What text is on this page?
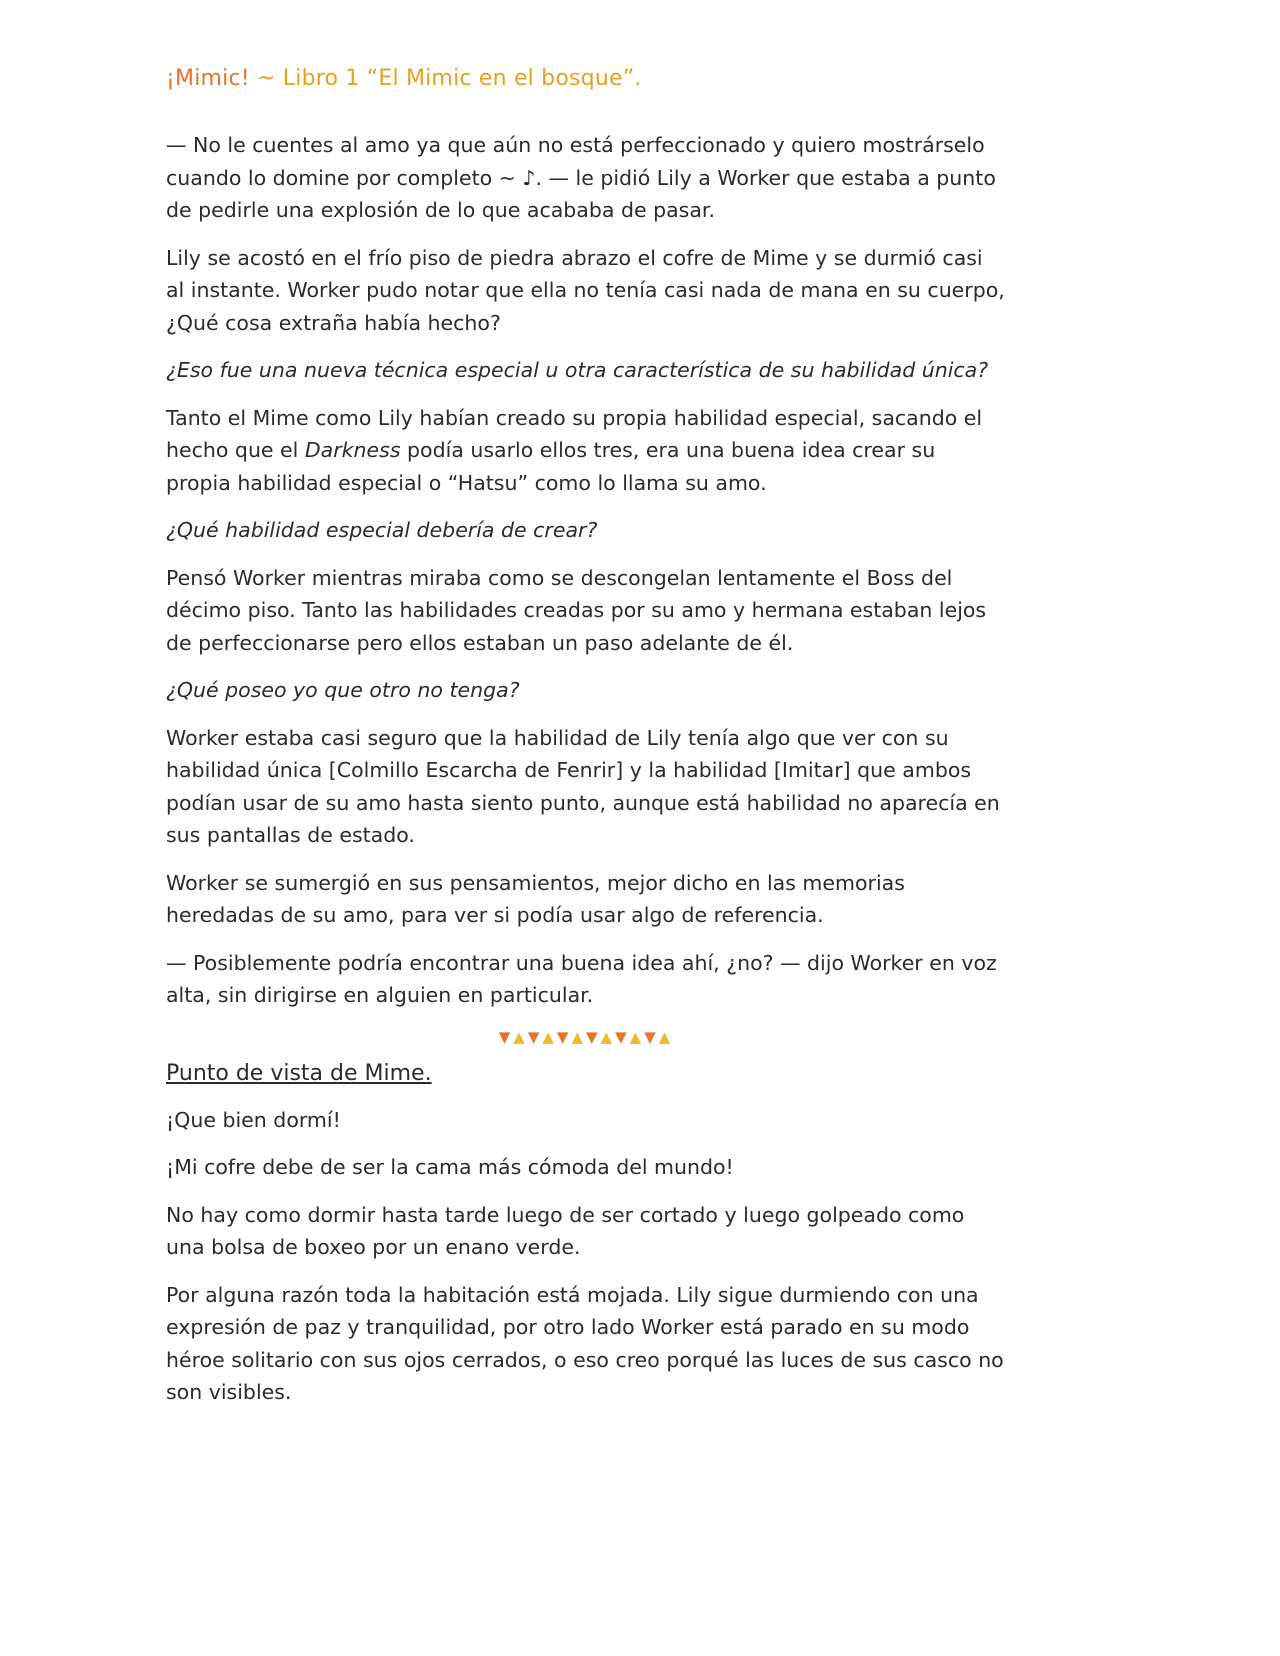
¡Mimic! ~ Libro 1 “El Mimic en el bosque”.

— No le cuentes al amo ya que aún no está perfeccionado y quiero mostrárselo cuando lo domine por completo ~ ♪. — le pidió Lily a Worker que estaba a punto de pedirle una explosión de lo que acababa de pasar.

Lily se acostó en el frío piso de piedra abrazo el cofre de Mime y se durmió casi al instante. Worker pudo notar que ella no tenía casi nada de mana en su cuerpo, ¿Qué cosa extraña había hecho?

¿Eso fue una nueva técnica especial u otra característica de su habilidad única?

Tanto el Mime como Lily habían creado su propia habilidad especial, sacando el hecho que el Darkness podía usarlo ellos tres, era una buena idea crear su propia habilidad especial o “Hatsu” como lo llama su amo.

¿Qué habilidad especial debería de crear?

Pensó Worker mientras miraba como se descongelan lentamente el Boss del décimo piso. Tanto las habilidades creadas por su amo y hermana estaban lejos de perfeccionarse pero ellos estaban un paso adelante de él.

¿Qué poseo yo que otro no tenga?

Worker estaba casi seguro que la habilidad de Lily tenía algo que ver con su habilidad única [Colmillo Escarcha de Fenrir] y la habilidad [Imitar] que ambos podían usar de su amo hasta siento punto, aunque está habilidad no aparecía en sus pantallas de estado.

Worker se sumergió en sus pensamientos, mejor dicho en las memorias heredadas de su amo, para ver si podía usar algo de referencia.

— Posiblemente podría encontrar una buena idea ahí, ¿no? — dijo Worker en voz alta, sin dirigirse en alguien en particular.

▼▲▼▲▼▲▼▲▼▲▼▲
Punto de vista de Mime.

¡Que bien dormí!

¡Mi cofre debe de ser la cama más cómoda del mundo!

No hay como dormir hasta tarde luego de ser cortado y luego golpeado como una bolsa de boxeo por un enano verde.

Por alguna razón toda la habitación está mojada. Lily sigue durmiendo con una expresión de paz y tranquilidad, por otro lado Worker está parado en su modo héroe solitario con sus ojos cerrados, o eso creo porqué las luces de sus casco no son visibles.
